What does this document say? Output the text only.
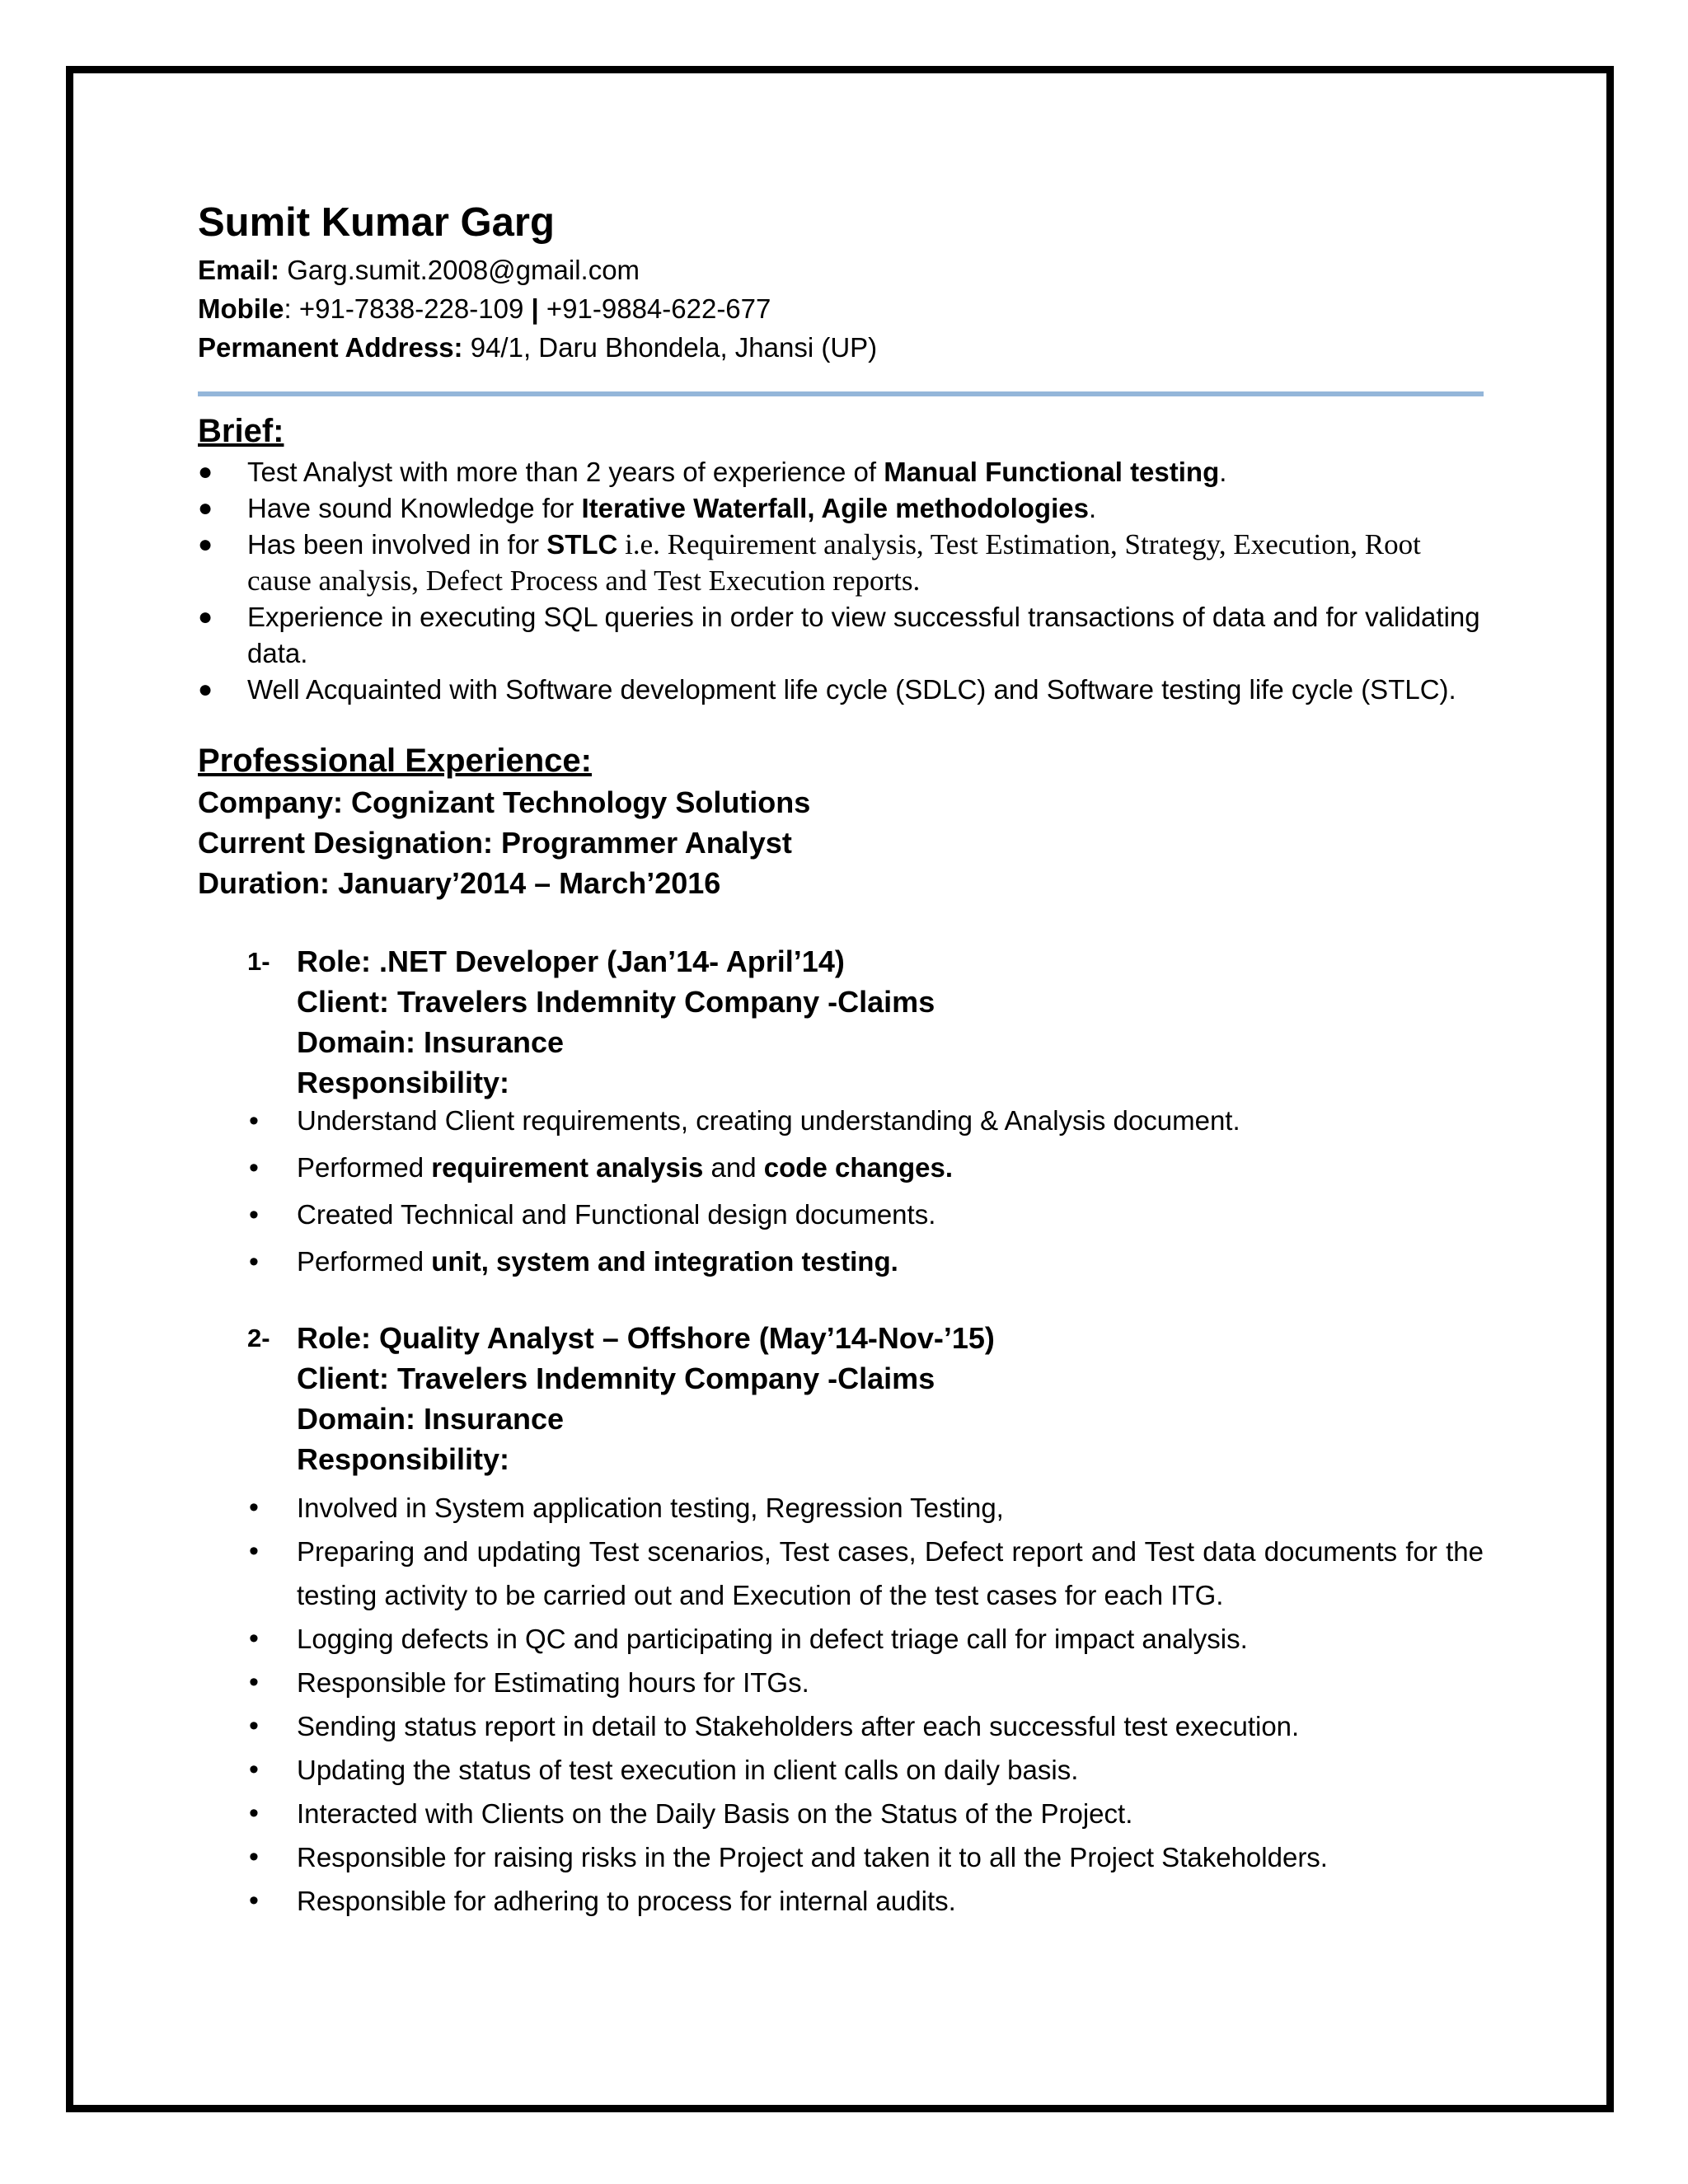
Sumit Kumar Garg
Email: Garg.sumit.2008@gmail.com
Mobile: +91-7838-228-109 | +91-9884-622-677
Permanent Address: 94/1, Daru Bhondela, Jhansi (UP)
Brief:
● Test Analyst with more than 2 years of experience of Manual Functional testing.
● Have sound Knowledge for Iterative Waterfall, Agile methodologies.
● Has been involved in for STLC i.e. Requirement analysis, Test Estimation, Strategy, Execution, Root cause analysis, Defect Process and Test Execution reports.
● Experience in executing SQL queries in order to view successful transactions of data and for validating data.
● Well Acquainted with Software development life cycle (SDLC) and Software testing life cycle (STLC).
Professional Experience:
Company: Cognizant Technology Solutions
Current Designation: Programmer Analyst
Duration: January’2014 – March’2016
1- Role: .NET Developer (Jan’14- April’14)
Client: Travelers Indemnity Company -Claims
Domain: Insurance
Responsibility:
• Understand Client requirements, creating understanding & Analysis document.
• Performed requirement analysis and code changes.
• Created Technical and Functional design documents.
• Performed unit, system and integration testing.
2- Role: Quality Analyst – Offshore (May’14-Nov-’15)
Client: Travelers Indemnity Company -Claims
Domain: Insurance
Responsibility:
• Involved in System application testing, Regression Testing,
• Preparing and updating Test scenarios, Test cases, Defect report and Test data documents for the testing activity to be carried out and Execution of the test cases for each ITG.
• Logging defects in QC and participating in defect triage call for impact analysis.
• Responsible for Estimating hours for ITGs.
• Sending status report in detail to Stakeholders after each successful test execution.
• Updating the status of test execution in client calls on daily basis.
• Interacted with Clients on the Daily Basis on the Status of the Project.
• Responsible for raising risks in the Project and taken it to all the Project Stakeholders.
• Responsible for adhering to process for internal audits.
